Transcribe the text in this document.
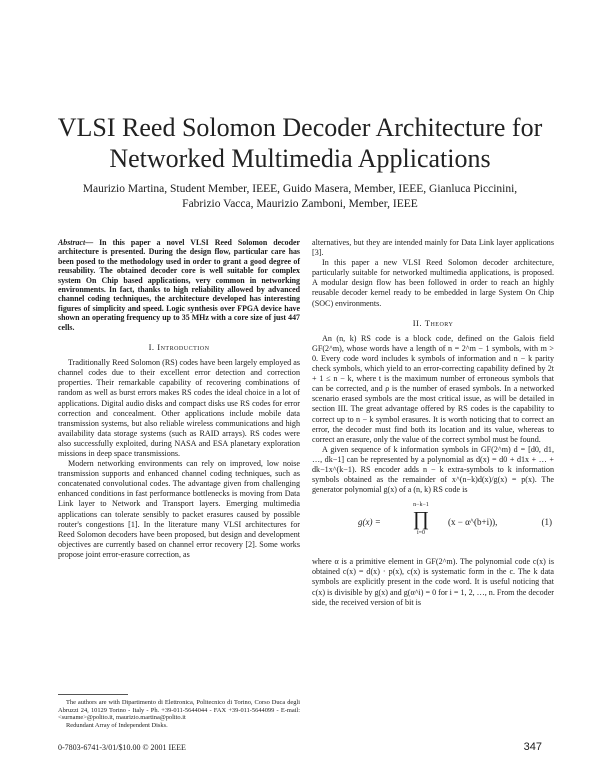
VLSI Reed Solomon Decoder Architecture for Networked Multimedia Applications
Maurizio Martina, Student Member, IEEE, Guido Masera, Member, IEEE, Gianluca Piccinini,
Fabrizio Vacca, Maurizio Zamboni, Member, IEEE

Abstract— In this paper a novel VLSI Reed Solomon decoder architecture is presented. During the design flow, particular care has been posed to the methodology used in order to grant a good degree of reusability. The obtained decoder core is well suitable for complex system On Chip based applications, very common in networking environments. In fact, thanks to high reliability allowed by advanced channel coding techniques, the architecture developed has interesting figures of simplicity and speed. Logic synthesis over FPGA device have shown an operating frequency up to 35 MHz with a core size of just 447 cells.

I. Introduction

Traditionally Reed Solomon (RS) codes have been largely employed as channel codes due to their excellent error detection and correction properties. Their remarkable capability of recovering combinations of random as well as burst errors makes RS codes the ideal choice in a lot of applications. Digital audio disks and compact disks use RS codes for error correction and concealment. Other applications include mobile data transmission systems, but also reliable wireless communications and high availability data storage systems (such as RAID arrays). RS codes were also successfully exploited, during NASA and ESA planetary exploration missions in deep space transmissions.

Modern networking environments can rely on improved, low noise transmission supports and enhanced channel coding techniques, such as concatenated convolutional codes. The advantage given from challenging enhanced conditions in fast performance bottlenecks is moving from Data Link layer to Network and Transport layers. Emerging multimedia applications can tolerate sensibly to packet erasures caused by possible router's congestions [1]. In the literature many VLSI architectures for Reed Solomon decoders have been proposed, but design and development objectives are currently based on channel error recovery [2]. Some works propose joint error-erasure correction, as

alternatives, but they are intended mainly for Data Link layer applications [3].

In this paper a new VLSI Reed Solomon decoder architecture, particularly suitable for networked multimedia applications, is proposed. A modular design flow has been followed in order to reach an highly reusable decoder kernel ready to be embedded in large System On Chip (SOC) environments.

II. Theory

An (n, k) RS code is a block code, defined on the Galois field GF(2^m), whose words have a length of n = 2^m − 1 symbols, with m > 0. Every code word includes k symbols of information and n − k parity check symbols, which yield to an error-correcting capability defined by 2t + 1 ≤ n − k, where t is the maximum number of erroneous symbols that can be corrected, and ρ is the number of erased symbols. In a networked scenario erased symbols are the most critical issue, as will be detailed in section III. The great advantage offered by RS codes is the capability to correct up to n − k symbol erasures. It is worth noticing that to correct an error, the decoder must find both its location and its value, whereas to correct an erasure, only the value of the correct symbol must be found.

A given sequence of k information symbols in GF(2^m) d = [d0, d1, …, dk−1] can be represented by a polynomial as d(x) = d0 + d1x + … + dk−1x^(k−1). RS encoder adds n − k extra-symbols to k information symbols obtained as the remainder of x^(n−k)d(x)/g(x) = p(x). The generator polynomial g(x) of a (n, k) RS code is

g(x) =
n−k−1
∏
i=0
(x − α^(b+i)),	(1)

where α is a primitive element in GF(2^m). The polynomial code c(x) is obtained c(x) = d(x) · p(x), c(x) is systematic form in the c. The k data symbols are explicitly present in the code word. It is useful noticing that c(x) is divisible by g(x) and g(α^i) = 0 for i = 1, 2, …, n. From the decoder side, the received version of bit is

The authors are with Dipartimento di Elettronica, Politecnico di Torino, Corso Duca degli Abruzzi 24, 10129 Torino - Italy - Ph. +39-011-5644044 - FAX +39-011-5644099 - E-mail: <surname>@polito.it, maurizio.martina@polito.it

Redundant Array of Independent Disks.

0-7803-6741-3/01/$10.00 © 2001 IEEE	347
